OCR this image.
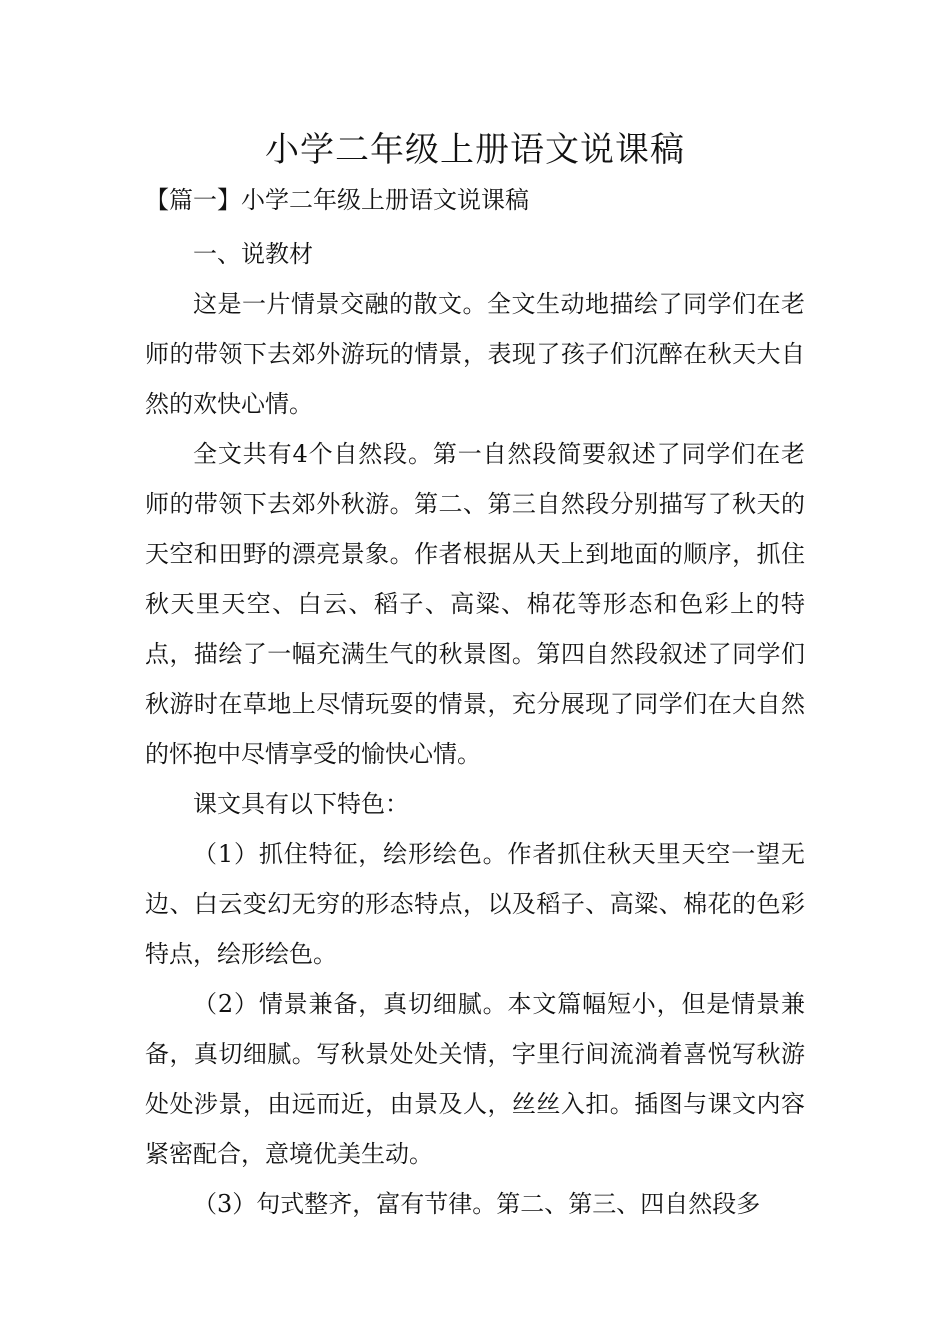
小学二年级上册语文说课稿

【篇一】小学二年级上册语文说课稿

一、说教材

这是一片情景交融的散文。全文生动地描绘了同学们在老师的带领下去郊外游玩的情景，表现了孩子们沉醉在秋天大自然的欢快心情。

全文共有4个自然段。第一自然段简要叙述了同学们在老师的带领下去郊外秋游。第二、第三自然段分别描写了秋天的天空和田野的漂亮景象。作者根据从天上到地面的顺序，抓住秋天里天空、白云、稻子、高粱、棉花等形态和色彩上的特点，描绘了一幅充满生气的秋景图。第四自然段叙述了同学们秋游时在草地上尽情玩耍的情景，充分展现了同学们在大自然的怀抱中尽情享受的愉快心情。

课文具有以下特色：

（1）抓住特征，绘形绘色。作者抓住秋天里天空一望无边、白云变幻无穷的形态特点，以及稻子、高粱、棉花的色彩特点，绘形绘色。

（2）情景兼备，真切细腻。本文篇幅短小，但是情景兼备，真切细腻。写秋景处处关情，字里行间流淌着喜悦写秋游处处涉景，由远而近，由景及人，丝丝入扣。插图与课文内容紧密配合，意境优美生动。

（3）句式整齐，富有节律。第二、第三、四自然段多
